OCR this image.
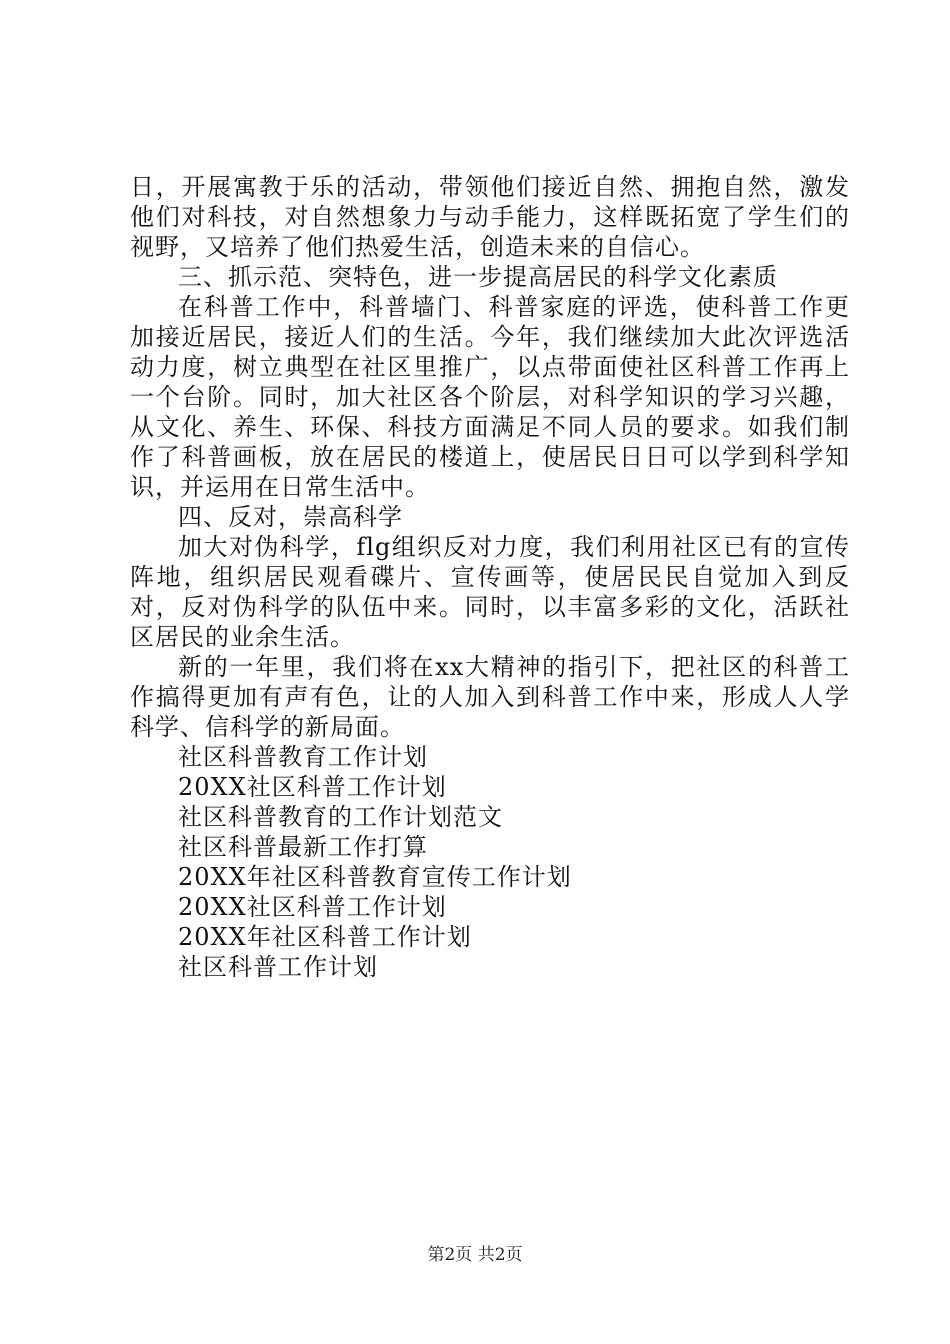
日，开展寓教于乐的活动，带领他们接近自然、拥抱自然，激发他们对科技，对自然想象力与动手能力，这样既拓宽了学生们的视野，又培养了他们热爱生活，创造未来的自信心。

三、抓示范、突特色，进一步提高居民的科学文化素质

在科普工作中，科普墙门、科普家庭的评选，使科普工作更加接近居民，接近人们的生活。今年，我们继续加大此次评选活动力度，树立典型在社区里推广，以点带面使社区科普工作再上一个台阶。同时，加大社区各个阶层，对科学知识的学习兴趣，从文化、养生、环保、科技方面满足不同人员的要求。如我们制作了科普画板，放在居民的楼道上，使居民日日可以学到科学知识，并运用在日常生活中。

四、反对，崇高科学

加大对伪科学，flg组织反对力度，我们利用社区已有的宣传阵地，组织居民观看碟片、宣传画等，使居民民自觉加入到反对，反对伪科学的队伍中来。同时，以丰富多彩的文化，活跃社区居民的业余生活。

新的一年里，我们将在xx大精神的指引下，把社区的科普工作搞得更加有声有色，让的人加入到科普工作中来，形成人人学科学、信科学的新局面。

社区科普教育工作计划
20XX社区科普工作计划
社区科普教育的工作计划范文
社区科普最新工作打算
20XX年社区科普教育宣传工作计划
20XX社区科普工作计划
20XX年社区科普工作计划
社区科普工作计划
第2页 共2页
